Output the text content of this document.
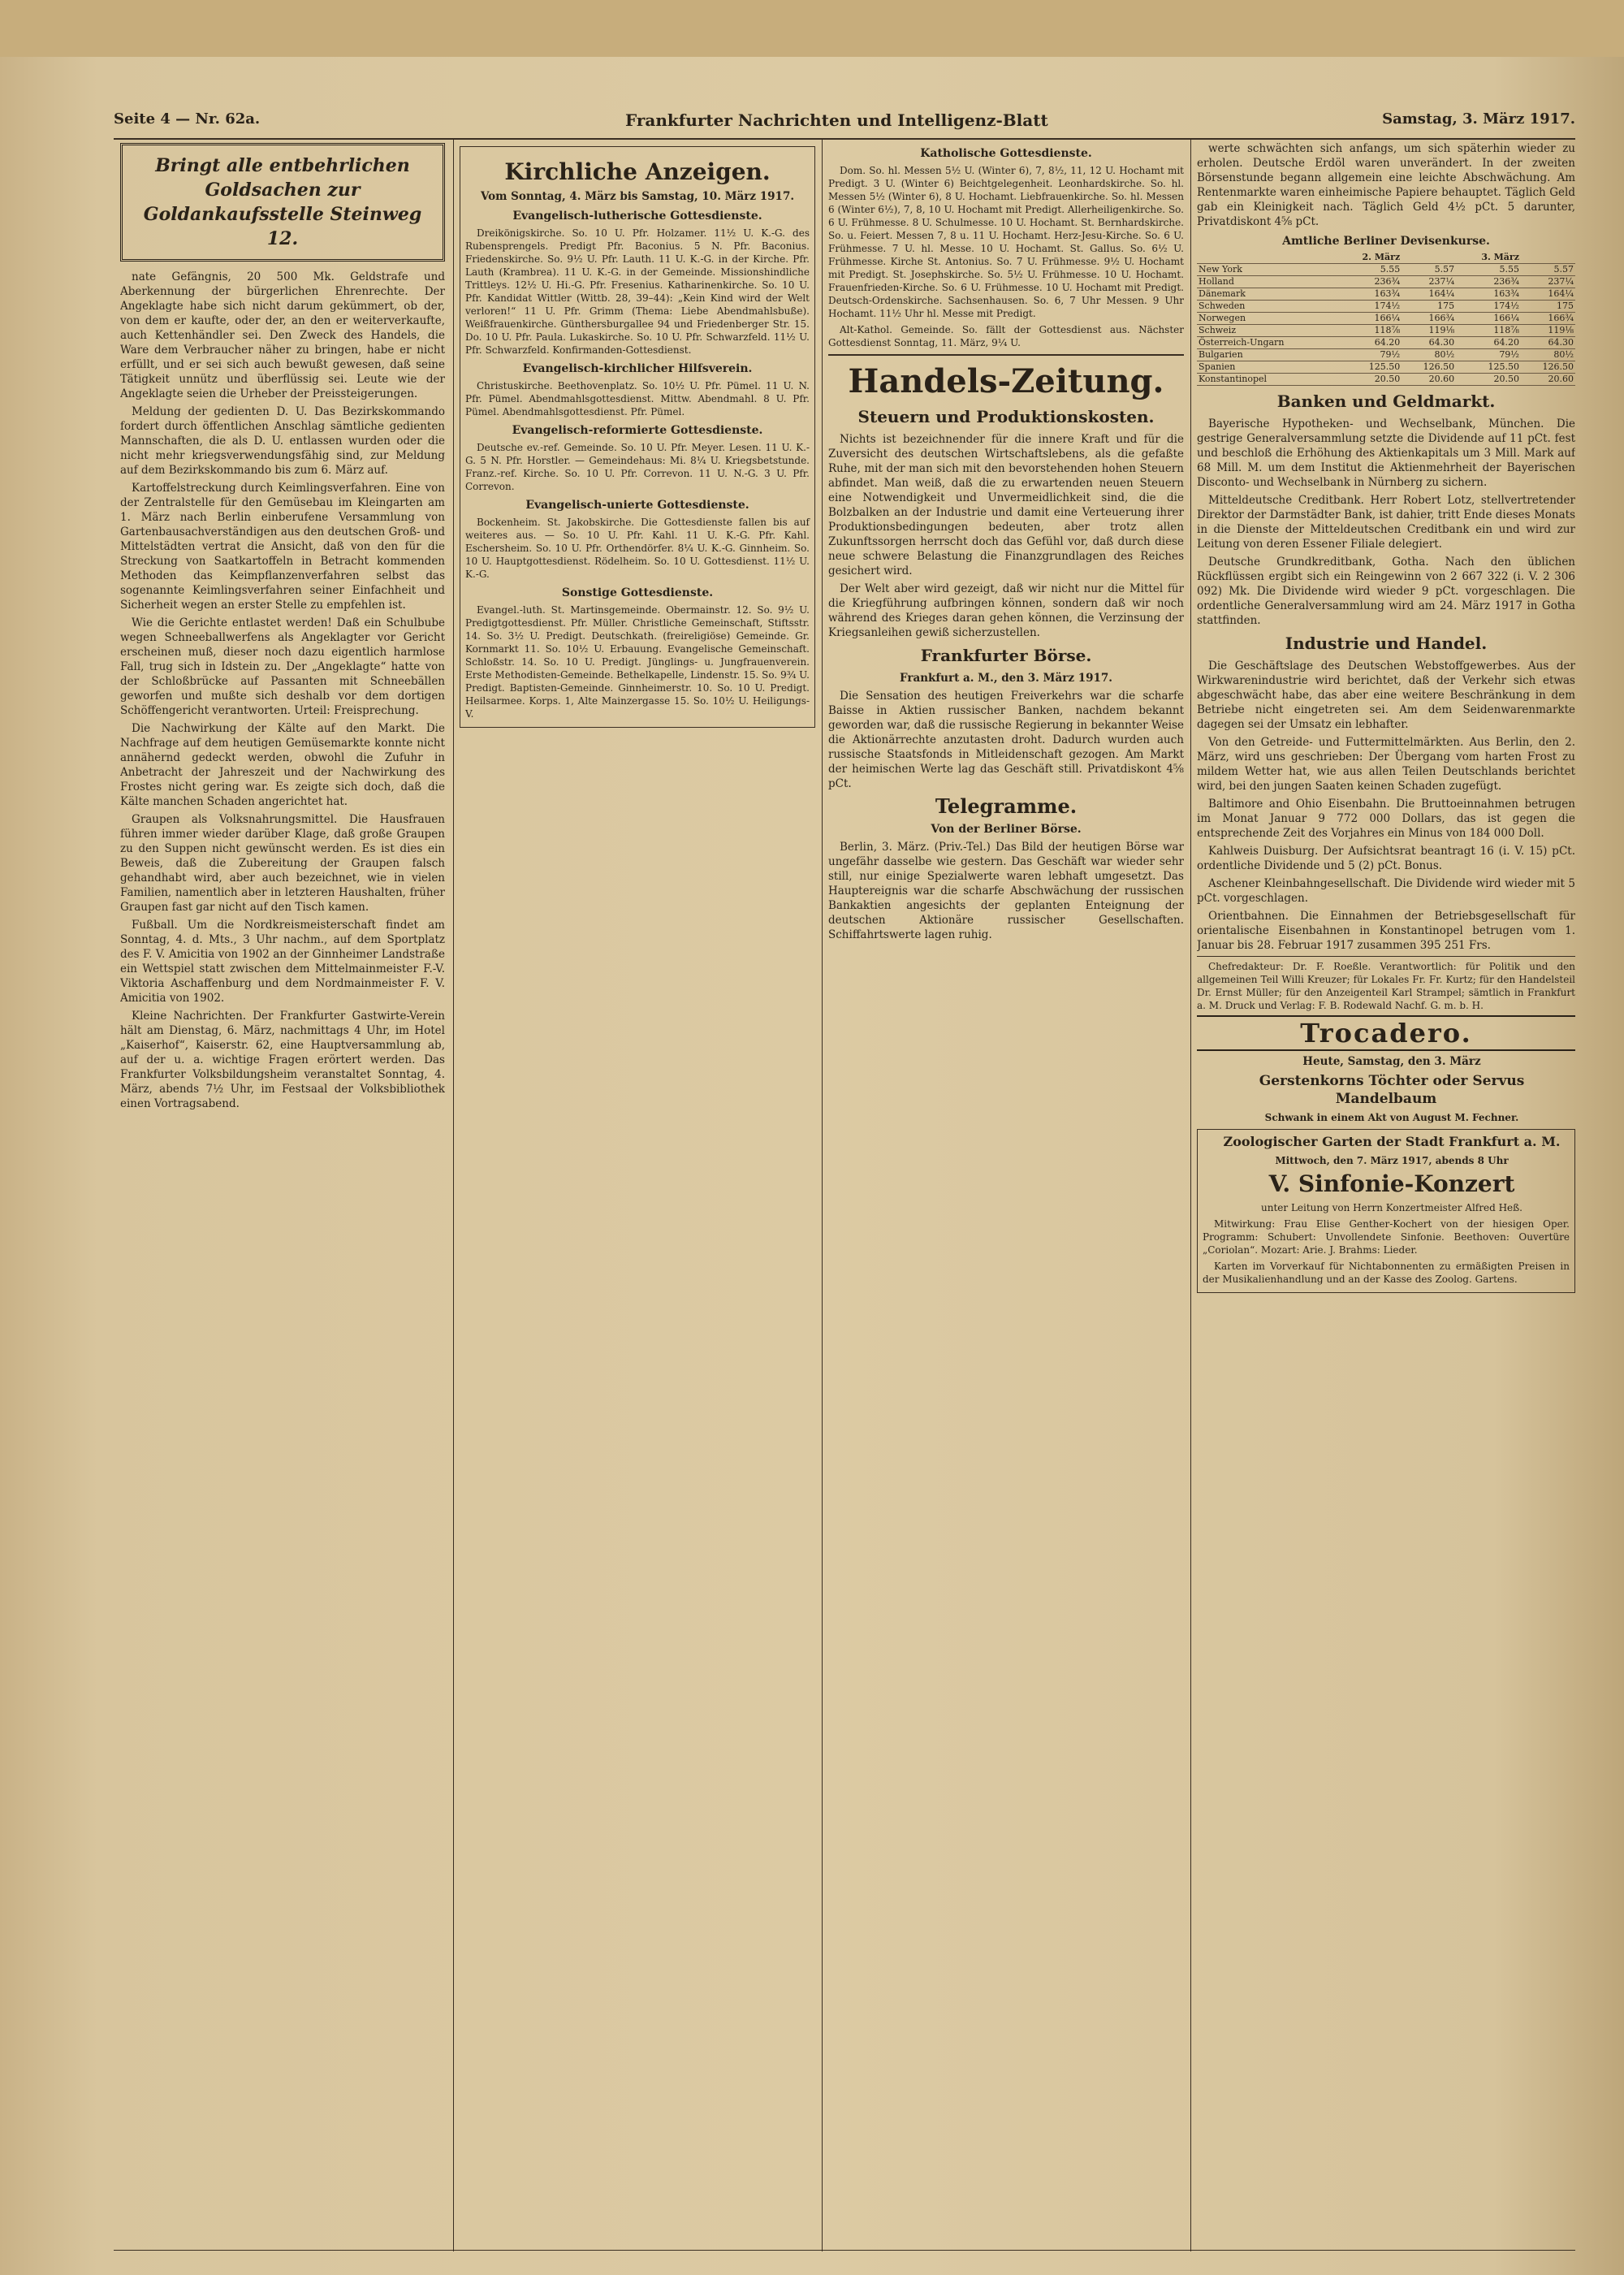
Seite 4 — Nr. 62a.	Frankfurter Nachrichten und Intelligenz-Blatt	Samstag, 3. März 1917.
Bringt alle entbehrlichen Goldsachen zur Goldankaufsstelle Steinweg 12.

nate Gefängnis, 20 500 Mk. Geldstrafe und Aberkennung der bürgerlichen Ehrenrechte. Der Angeklagte habe sich nicht darum gekümmert, ob der, von dem er kaufte, oder der, an den er weiterverkaufte, auch Kettenhändler sei. Den Zweck des Handels, die Ware dem Verbraucher näher zu bringen, habe er nicht erfüllt, und er sei sich auch bewußt gewesen, daß seine Tätigkeit unnütz und überflüssig sei. Leute wie der Angeklagte seien die Urheber der Preissteigerungen.

Meldung der gedienten D. U. Das Bezirkskommando fordert durch öffentlichen Anschlag sämtliche gedienten Mannschaften, die als D. U. entlassen wurden oder die nicht mehr kriegsverwendungsfähig sind, zur Meldung auf dem Bezirkskommando bis zum 6. März auf.

Kartoffelstreckung durch Keimlingsverfahren. Eine von der Zentralstelle für den Gemüsebau im Kleingarten am 1. März nach Berlin einberufene Versammlung von Gartenbausachverständigen aus den deutschen Groß- und Mittelstädten vertrat die Ansicht, daß von den für die Streckung von Saatkartoffeln in Betracht kommenden Methoden das Keimpflanzenverfahren selbst das sogenannte Keimlingsverfahren seiner Einfachheit und Sicherheit wegen an erster Stelle zu empfehlen ist.

Wie die Gerichte entlastet werden! Daß ein Schulbube wegen Schneeballwerfens als Angeklagter vor Gericht erscheinen muß, dieser noch dazu eigentlich harmlose Fall, trug sich in Idstein zu. Der „Angeklagte“ hatte von der Schloßbrücke auf Passanten mit Schneebällen geworfen und mußte sich deshalb vor dem dortigen Schöffengericht verantworten. Urteil: Freisprechung.

Die Nachwirkung der Kälte auf den Markt. Die Nachfrage auf dem heutigen Gemüsemarkte konnte nicht annähernd gedeckt werden, obwohl die Zufuhr in Anbetracht der Jahreszeit und der Nachwirkung des Frostes nicht gering war. Es zeigte sich doch, daß die Kälte manchen Schaden angerichtet hat.

Graupen als Volksnahrungsmittel. Die Hausfrauen führen immer wieder darüber Klage, daß große Graupen zu den Suppen nicht gewünscht werden. Es ist dies ein Beweis, daß die Zubereitung der Graupen falsch gehandhabt wird, aber auch bezeichnet, wie in vielen Familien, namentlich aber in letzteren Haushalten, früher Graupen fast gar nicht auf den Tisch kamen.

Fußball. Um die Nordkreismeisterschaft findet am Sonntag, 4. d. Mts., 3 Uhr nachm., auf dem Sportplatz des F. V. Amicitia von 1902 an der Ginnheimer Landstraße ein Wettspiel statt zwischen dem Mittelmainmeister F.-V. Viktoria Aschaffenburg und dem Nordmainmeister F. V. Amicitia von 1902.

Kleine Nachrichten. Der Frankfurter Gastwirte-Verein hält am Dienstag, 6. März, nachmittags 4 Uhr, im Hotel „Kaiserhof“, Kaiserstr. 62, eine Hauptversammlung ab, auf der u. a. wichtige Fragen erörtert werden. Das Frankfurter Volksbildungsheim veranstaltet Sonntag, 4. März, abends 7½ Uhr, im Festsaal der Volksbibliothek einen Vortragsabend.

Kirchliche Anzeigen.

Vom Sonntag, 4. März bis Samstag, 10. März 1917.

Evangelisch-lutherische Gottesdienste.

Dreikönigskirche. So. 10 U. Pfr. Holzamer. 11½ U. K.-G. des Rubensprengels. Predigt Pfr. Baconius. 5 N. Pfr. Baconius. Friedenskirche. So. 9½ U. Pfr. Lauth. 11 U. K.-G. in der Kirche. Pfr. Lauth (Krambrea). 11 U. K.-G. in der Gemeinde. Missionshindliche Trittleys. 12½ U. Hi.-G. Pfr. Fresenius. Katharinenkirche. So. 10 U. Pfr. Kandidat Wittler (Wittb. 28, 39–44): „Kein Kind wird der Welt verloren!“ 11 U. Pfr. Grimm (Thema: Liebe Abendmahlsbuße). Weißfrauenkirche. Günthersburgallee 94 und Friedenberger Str. 15. Do. 10 U. Pfr. Paula. Lukaskirche. So. 10 U. Pfr. Schwarzfeld. 11½ U. Pfr. Schwarzfeld. Konfirmanden-Gottesdienst.

Evangelisch-kirchlicher Hilfsverein.

Christuskirche. Beethovenplatz. So. 10½ U. Pfr. Pümel. 11 U. N. Pfr. Pümel. Abendmahlsgottesdienst. Mittw. Abendmahl. 8 U. Pfr. Pümel. Abendmahlsgottesdienst. Pfr. Pümel.

Evangelisch-reformierte Gottesdienste.

Deutsche ev.-ref. Gemeinde. So. 10 U. Pfr. Meyer. Lesen. 11 U. K.-G. 5 N. Pfr. Horstler. — Gemeindehaus: Mi. 8¼ U. Kriegsbetstunde. Franz.-ref. Kirche. So. 10 U. Pfr. Correvon. 11 U. N.-G. 3 U. Pfr. Correvon.

Evangelisch-unierte Gottesdienste.

Bockenheim. St. Jakobskirche. Die Gottesdienste fallen bis auf weiteres aus. — So. 10 U. Pfr. Kahl. 11 U. K.-G. Pfr. Kahl. Eschersheim. So. 10 U. Pfr. Orthendörfer. 8¼ U. K.-G. Ginnheim. So. 10 U. Hauptgottesdienst. Rödelheim. So. 10 U. Gottesdienst. 11½ U. K.-G.

Sonstige Gottesdienste.

Evangel.-luth. St. Martinsgemeinde. Obermainstr. 12. So. 9½ U. Predigtgottesdienst. Pfr. Müller. Christliche Gemeinschaft, Stiftsstr. 14. So. 3½ U. Predigt. Deutschkath. (freireligiöse) Gemeinde. Gr. Kornmarkt 11. So. 10½ U. Erbauung. Evangelische Gemeinschaft. Schloßstr. 14. So. 10 U. Predigt. Jünglings- u. Jungfrauenverein. Erste Methodisten-Gemeinde. Bethelkapelle, Lindenstr. 15. So. 9¾ U. Predigt. Baptisten-Gemeinde. Ginnheimerstr. 10. So. 10 U. Predigt. Heilsarmee. Korps. 1, Alte Mainzergasse 15. So. 10½ U. Heiligungs-V.

Katholische Gottesdienste.

Dom. So. hl. Messen 5½ U. (Winter 6), 7, 8½, 11, 12 U. Hochamt mit Predigt. 3 U. (Winter 6) Beichtgelegenheit. Leonhardskirche. So. hl. Messen 5½ (Winter 6), 8 U. Hochamt. Liebfrauenkirche. So. hl. Messen 6 (Winter 6½), 7, 8, 10 U. Hochamt mit Predigt. Allerheiligenkirche. So. 6 U. Frühmesse. 8 U. Schulmesse. 10 U. Hochamt. St. Bernhardskirche. So. u. Feiert. Messen 7, 8 u. 11 U. Hochamt. Herz-Jesu-Kirche. So. 6 U. Frühmesse. 7 U. hl. Messe. 10 U. Hochamt. St. Gallus. So. 6½ U. Frühmesse. Kirche St. Antonius. So. 7 U. Frühmesse. 9½ U. Hochamt mit Predigt. St. Josephskirche. So. 5½ U. Frühmesse. 10 U. Hochamt. Frauenfrieden-Kirche. So. 6 U. Frühmesse. 10 U. Hochamt mit Predigt. Deutsch-Ordenskirche. Sachsenhausen. So. 6, 7 Uhr Messen. 9 Uhr Hochamt. 11½ Uhr hl. Messe mit Predigt.

Alt-Kathol. Gemeinde. So. fällt der Gottesdienst aus. Nächster Gottesdienst Sonntag, 11. März, 9¼ U.

Handels-Zeitung.
Steuern und Produktionskosten.

Nichts ist bezeichnender für die innere Kraft und für die Zuversicht des deutschen Wirtschaftslebens, als die gefaßte Ruhe, mit der man sich mit den bevorstehenden hohen Steuern abfindet. Man weiß, daß die zu erwartenden neuen Steuern eine Notwendigkeit und Unvermeidlichkeit sind, die die Bolzbalken an der Industrie und damit eine Verteuerung ihrer Produktionsbedingungen bedeuten, aber trotz allen Zukunftssorgen herrscht doch das Gefühl vor, daß durch diese neue schwere Belastung die Finanzgrundlagen des Reiches gesichert wird.

Der Welt aber wird gezeigt, daß wir nicht nur die Mittel für die Kriegführung aufbringen können, sondern daß wir noch während des Krieges daran gehen können, die Verzinsung der Kriegsanleihen gewiß sicherzustellen.

Frankfurter Börse.

Frankfurt a. M., den 3. März 1917.

Die Sensation des heutigen Freiverkehrs war die scharfe Baisse in Aktien russischer Banken, nachdem bekannt geworden war, daß die russische Regierung in bekannter Weise die Aktionärrechte anzutasten droht. Dadurch wurden auch russische Staatsfonds in Mitleidenschaft gezogen. Am Markt der heimischen Werte lag das Geschäft still. Privatdiskont 4⅝ pCt.

Telegramme.
Von der Berliner Börse.

Berlin, 3. März. (Priv.-Tel.) Das Bild der heutigen Börse war ungefähr dasselbe wie gestern. Das Geschäft war wieder sehr still, nur einige Spezialwerte waren lebhaft umgesetzt. Das Hauptereignis war die scharfe Abschwächung der russischen Bankaktien angesichts der geplanten Enteignung der deutschen Aktionäre russischer Gesellschaften. Schiffahrtswerte lagen ruhig.

werte schwächten sich anfangs, um sich späterhin wieder zu erholen. Deutsche Erdöl waren unverändert. In der zweiten Börsenstunde begann allgemein eine leichte Abschwächung. Am Rentenmarkte waren einheimische Papiere behauptet. Täglich Geld gab ein Kleinigkeit nach. Täglich Geld 4½ pCt. 5 darunter, Privatdiskont 4⅝ pCt.

Amtliche Berliner Devisenkurse.
	2. März		3. März	
New York	5.55	5.57	5.55	5.57
Holland	236¾	237¼	236¾	237¼
Dänemark	163¾	164¼	163¾	164¼
Schweden	174½	175	174½	175
Norwegen	166¼	166¾	166¼	166¾
Schweiz	118⅞	119⅛	118⅞	119⅛
Österreich-Ungarn	64.20	64.30	64.20	64.30
Bulgarien	79½	80½	79½	80½
Spanien	125.50	126.50	125.50	126.50
Konstantinopel	20.50	20.60	20.50	20.60
Banken und Geldmarkt.

Bayerische Hypotheken- und Wechselbank, München. Die gestrige Generalversammlung setzte die Dividende auf 11 pCt. fest und beschloß die Erhöhung des Aktienkapitals um 3 Mill. Mark auf 68 Mill. M. um dem Institut die Aktienmehrheit der Bayerischen Disconto- und Wechselbank in Nürnberg zu sichern.

Mitteldeutsche Creditbank. Herr Robert Lotz, stellvertretender Direktor der Darmstädter Bank, ist dahier, tritt Ende dieses Monats in die Dienste der Mitteldeutschen Creditbank ein und wird zur Leitung von deren Essener Filiale delegiert.

Deutsche Grundkreditbank, Gotha. Nach den üblichen Rückflüssen ergibt sich ein Reingewinn von 2 667 322 (i. V. 2 306 092) Mk. Die Dividende wird wieder 9 pCt. vorgeschlagen. Die ordentliche Generalversammlung wird am 24. März 1917 in Gotha stattfinden.

Industrie und Handel.

Die Geschäftslage des Deutschen Webstoffgewerbes. Aus der Wirkwarenindustrie wird berichtet, daß der Verkehr sich etwas abgeschwächt habe, das aber eine weitere Beschränkung in dem Betriebe nicht eingetreten sei. Am dem Seidenwarenmarkte dagegen sei der Umsatz ein lebhafter.

Von den Getreide- und Futtermittelmärkten. Aus Berlin, den 2. März, wird uns geschrieben: Der Übergang vom harten Frost zu mildem Wetter hat, wie aus allen Teilen Deutschlands berichtet wird, bei den jungen Saaten keinen Schaden zugefügt.

Baltimore and Ohio Eisenbahn. Die Bruttoeinnahmen betrugen im Monat Januar 9 772 000 Dollars, das ist gegen die entsprechende Zeit des Vorjahres ein Minus von 184 000 Doll.

Kahlweis Duisburg. Der Aufsichtsrat beantragt 16 (i. V. 15) pCt. ordentliche Dividende und 5 (2) pCt. Bonus.

Aschener Kleinbahngesellschaft. Die Dividende wird wieder mit 5 pCt. vorgeschlagen.

Orientbahnen. Die Einnahmen der Betriebsgesellschaft für orientalische Eisenbahnen in Konstantinopel betrugen vom 1. Januar bis 28. Februar 1917 zusammen 395 251 Frs.

Chefredakteur: Dr. F. Roeßle. Verantwortlich: für Politik und den allgemeinen Teil Willi Kreuzer; für Lokales Fr. Fr. Kurtz; für den Handelsteil Dr. Ernst Müller; für den Anzeigenteil Karl Strampel; sämtlich in Frankfurt a. M. Druck und Verlag: F. B. Rodewald Nachf. G. m. b. H.

Trocadero.

Heute, Samstag, den 3. März

Gerstenkorns Töchter oder Servus Mandelbaum

Schwank in einem Akt von August M. Fechner.

Zoologischer Garten der Stadt Frankfurt a. M.

Mittwoch, den 7. März 1917, abends 8 Uhr

V. Sinfonie-Konzert

unter Leitung von Herrn Konzertmeister Alfred Heß.

Mitwirkung: Frau Elise Genther-Kochert von der hiesigen Oper. Programm: Schubert: Unvollendete Sinfonie. Beethoven: Ouvertüre „Coriolan“. Mozart: Arie. J. Brahms: Lieder.

Karten im Vorverkauf für Nichtabonnenten zu ermäßigten Preisen in der Musikalienhandlung und an der Kasse des Zoolog. Gartens.
